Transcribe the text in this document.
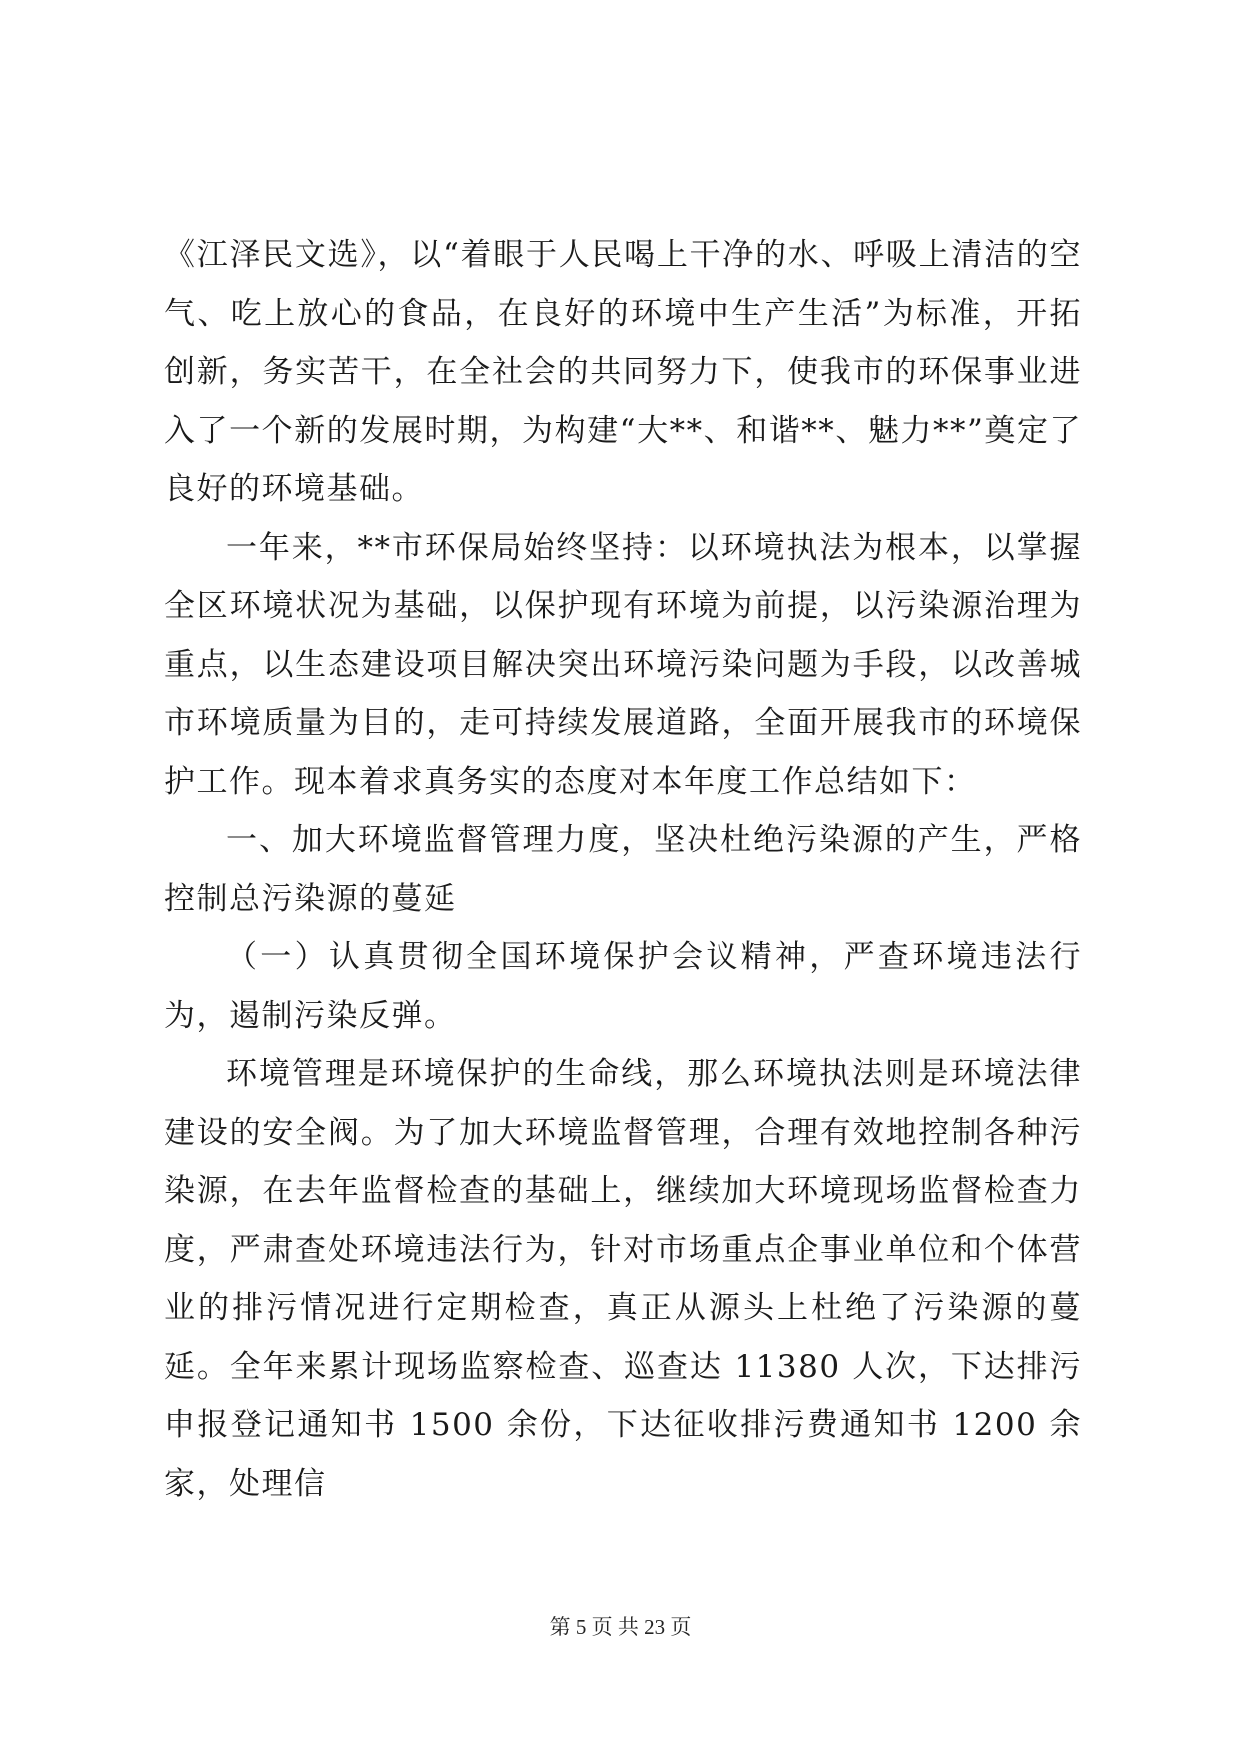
《江泽民文选》，以“着眼于人民喝上干净的水、呼吸上清洁的空气、吃上放心的食品，在良好的环境中生产生活”为标准，开拓创新，务实苦干，在全社会的共同努力下，使我市的环保事业进入了一个新的发展时期，为构建“大**、和谐**、魅力**”奠定了良好的环境基础。

一年来，**市环保局始终坚持：以环境执法为根本，以掌握全区环境状况为基础，以保护现有环境为前提，以污染源治理为重点，以生态建设项目解决突出环境污染问题为手段，以改善城市环境质量为目的，走可持续发展道路，全面开展我市的环境保护工作。现本着求真务实的态度对本年度工作总结如下：

一、加大环境监督管理力度，坚决杜绝污染源的产生，严格控制总污染源的蔓延

（一）认真贯彻全国环境保护会议精神，严查环境违法行为，遏制污染反弹。

环境管理是环境保护的生命线，那么环境执法则是环境法律建设的安全阀。为了加大环境监督管理，合理有效地控制各种污染源，在去年监督检查的基础上，继续加大环境现场监督检查力度，严肃查处环境违法行为，针对市场重点企事业单位和个体营业的排污情况进行定期检查，真正从源头上杜绝了污染源的蔓延。全年来累计现场监察检查、巡查达 11380 人次，下达排污申报登记通知书 1500 余份，下达征收排污费通知书 1200 余家，处理信

第 5 页 共 23 页
